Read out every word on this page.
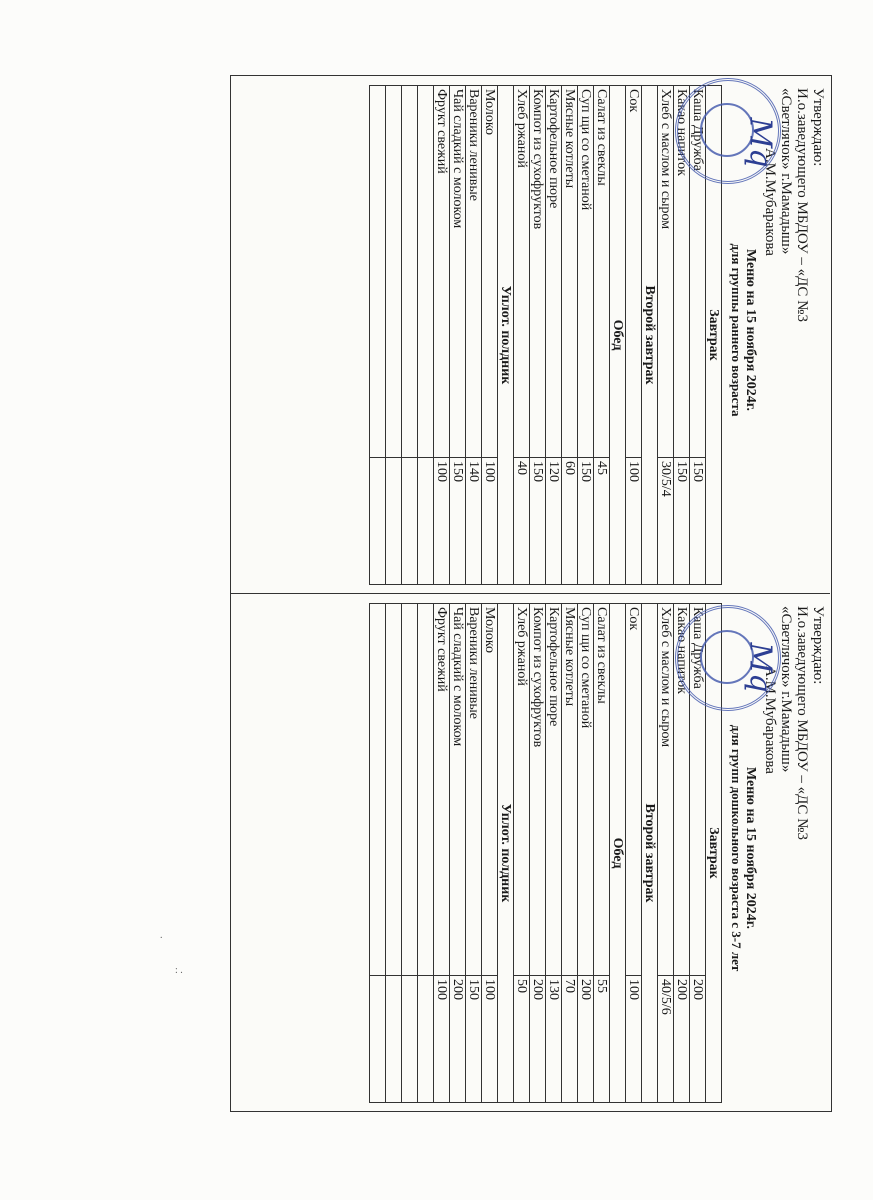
Утверждаю:
И.о.заведующего МБДОУ – «ДС №3
«Светлячок» г.Мамадыш»
А.М.Мубаракова
Меню на 15 ноября 2024г.
для группы раннего возраста
Завтрак	
Каша Дружба	150
Какао напиток	150
Хлеб с маслом и сыром	30/5/4
Второй завтрак	
Сок	100
Обед	
Салат из свеклы	45
Суп щи со сметаной	150
Мясные котлеты	60
Картофельное пюре	120
Компот из сухофруктов	150
Хлеб ржаной	40
Уплот. полдник	
Молоко	100
Вареники ленивые	140
Чай сладкий с молоком	150
Фрукт свежий	100

Утверждаю:
И.о.заведующего МБДОУ – «ДС №3
«Светлячок» г.Мамадыш»
А.М.Мубаракова
Меню на 15 ноября 2024г.
для групп дошкольного возраста с 3-7 лет
Завтрак	
Каша Дружба	200
Какао напиток	200
Хлеб с маслом и сыром	40/5/6
Второй завтрак	
Сок	100
Обед	
Салат из свеклы	55
Суп щи со сметаной	200
Мясные котлеты	70
Картофельное пюре	130
Компот из сухофруктов	200
Хлеб ржаной	50
Уплот. полдник	
Молоко	100
Вареники ленивые	150
Чай сладкий с молоком	200
Фрукт свежий	100

Mq
Mq
.
: .
